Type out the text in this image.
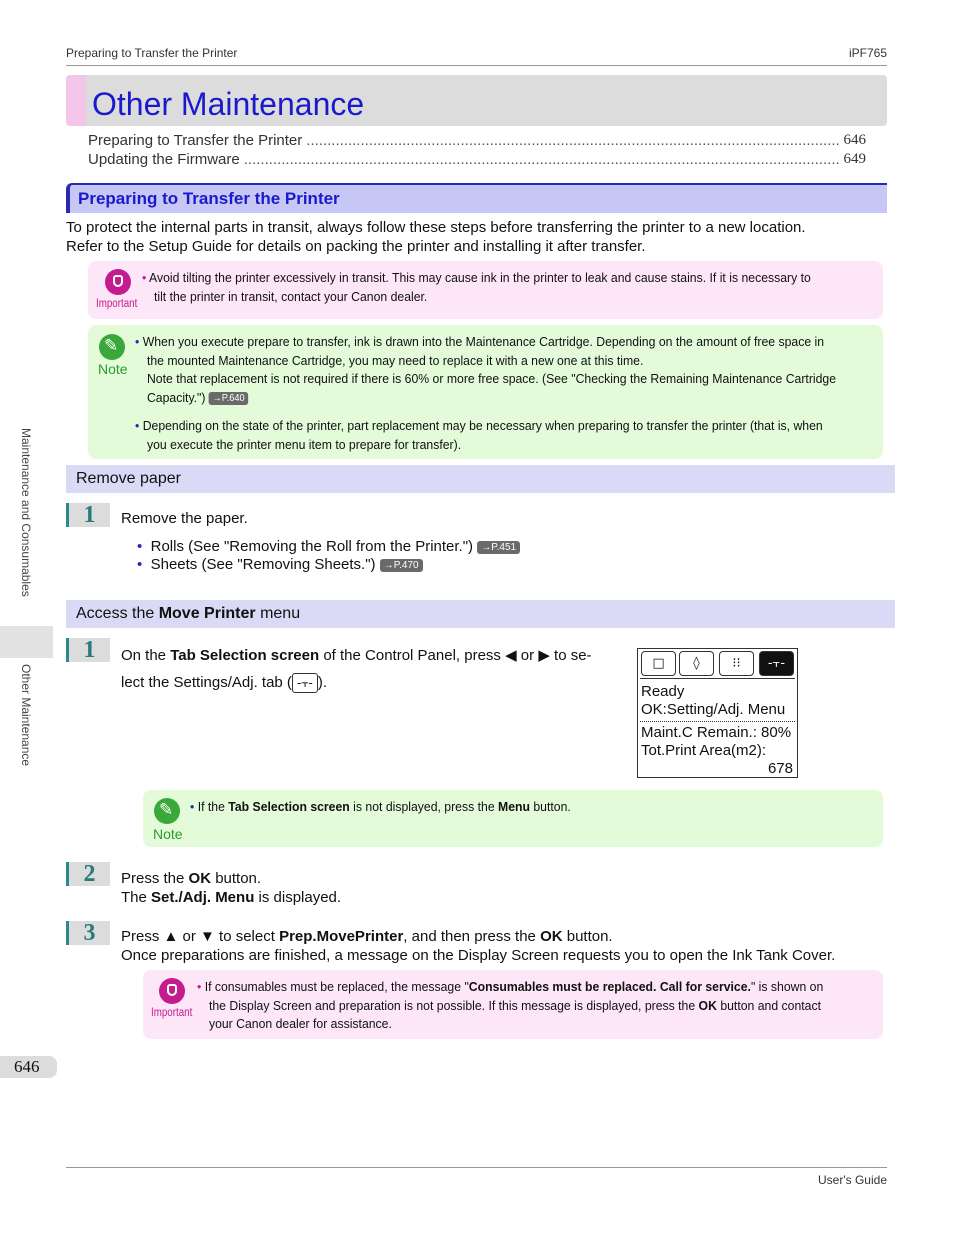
Preparing to Transfer the Printer	iPF765
Other Maintenance
Preparing to Transfer the Printer .....	646
Updating the Firmware .....	649
Preparing to Transfer the Printer
To protect the internal parts in transit, always follow these steps before transferring the printer to a new location.
Refer to the Setup Guide for details on packing the printer and installing it after transfer.
Important
• Avoid tilting the printer excessively in transit. This may cause ink in the printer to leak and cause stains. If it is necessary to
tilt the printer in transit, contact your Canon dealer.
✎
Note
• When you execute prepare to transfer, ink is drawn into the Maintenance Cartridge. Depending on the amount of free space in
the mounted Maintenance Cartridge, you may need to replace it with a new one at this time.
Note that replacement is not required if there is 60% or more free space. (See "Checking the Remaining Maintenance Cartridge
Capacity.") →P.640
• Depending on the state of the printer, part replacement may be necessary when preparing to transfer the printer (that is, when
you execute the printer menu item to prepare for transfer).
Remove paper
1	Remove the paper.
• Rolls (See "Removing the Roll from the Printer.") →P.451
• Sheets (See "Removing Sheets.") →P.470
Access the Move Printer menu
1	On the Tab Selection screen of the Control Panel, press ◀ or ▶ to se-
lect the Settings/Adj. tab ( -⫟- ).
□	◊	⁝⁝	-⫟-
Ready
OK:Setting/Adj. Menu
Maint.C Remain.: 80%
Tot.Print Area(m2):
678
✎
Note
• If the Tab Selection screen is not displayed, press the Menu button.
2	Press the OK button.
The Set./Adj. Menu is displayed.
3	Press ▲ or ▼ to select Prep.MovePrinter, and then press the OK button.
Once preparations are finished, a message on the Display Screen requests you to open the Ink Tank Cover.
Important
• If consumables must be replaced, the message "Consumables must be replaced. Call for service." is shown on
the Display Screen and preparation is not possible. If this message is displayed, press the OK button and contact
your Canon dealer for assistance.
Maintenance and Consumables
Other Maintenance
646
User's Guide
